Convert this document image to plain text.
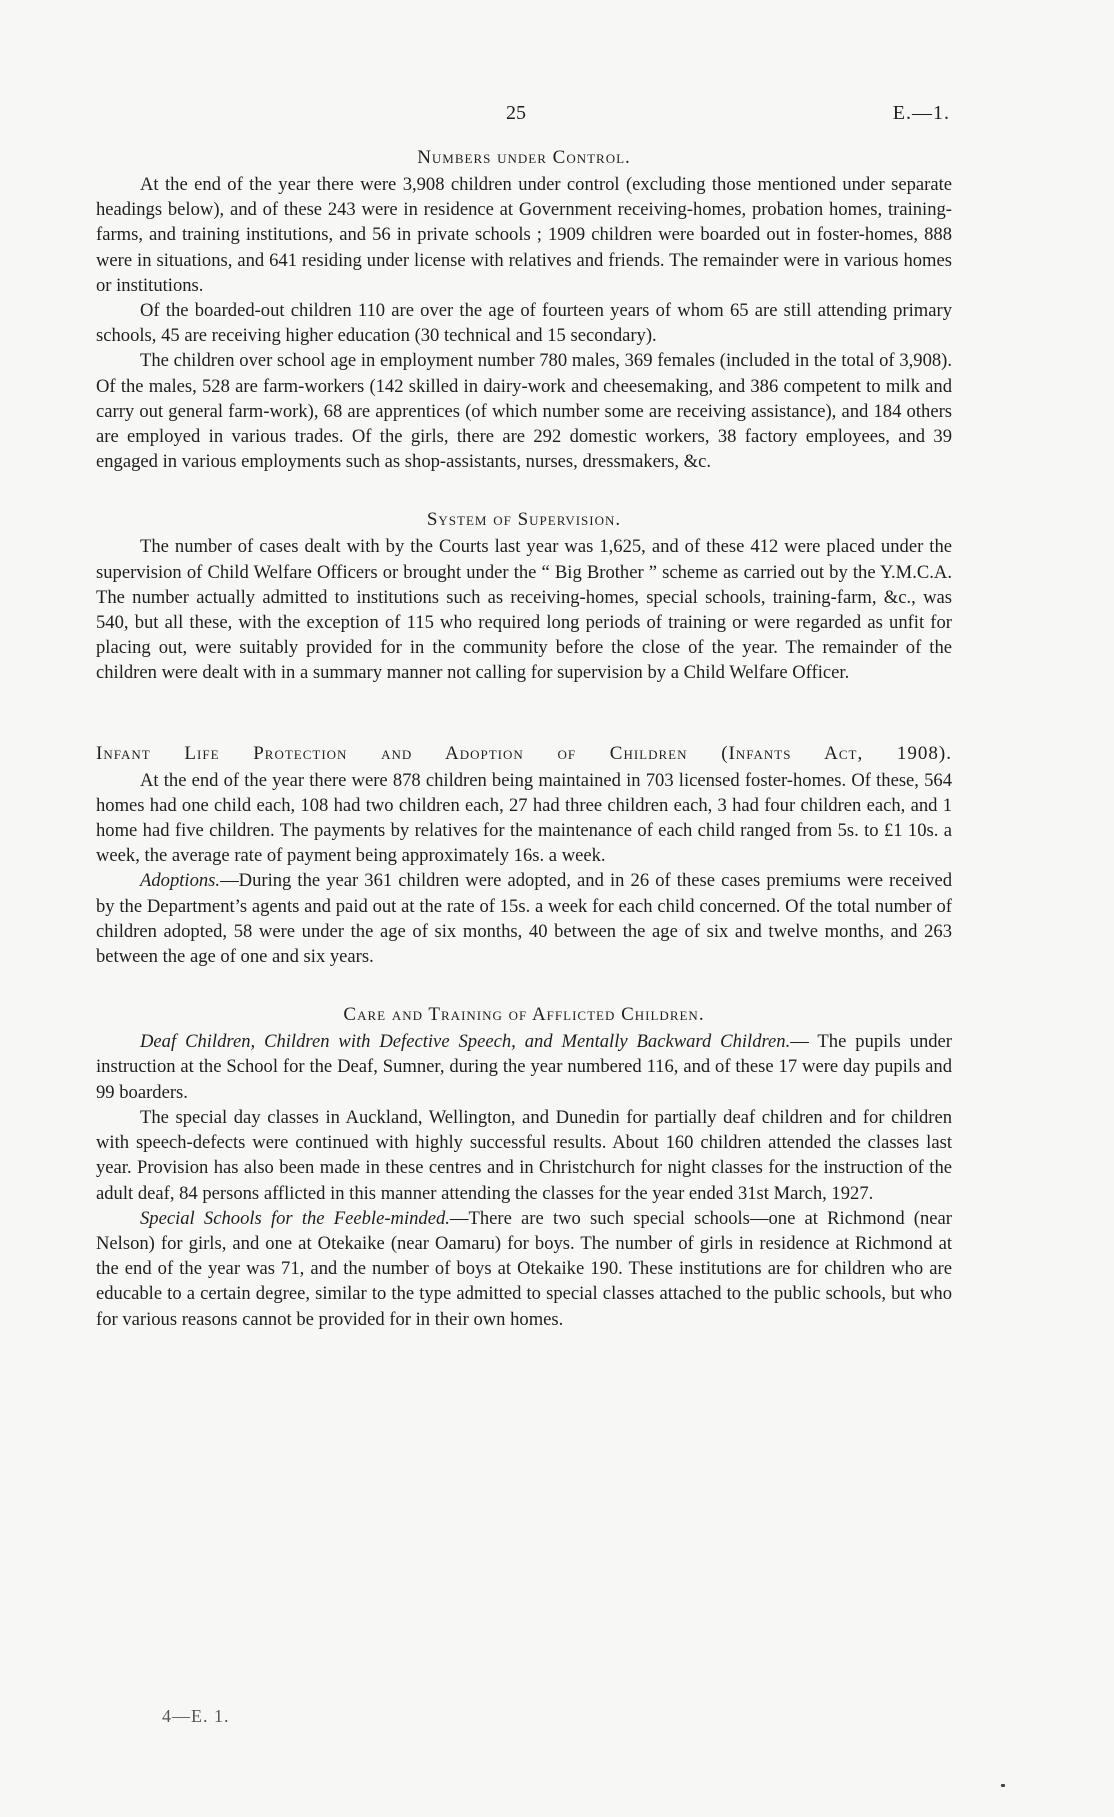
25	E.—1.
Numbers under Control.

At the end of the year there were 3,908 children under control (excluding those mentioned under separate headings below), and of these 243 were in residence at Government receiving-homes, probation homes, training-farms, and training institutions, and 56 in private schools ; 1909 children were boarded out in foster-homes, 888 were in situations, and 641 residing under license with relatives and friends. The remainder were in various homes or institutions.

Of the boarded-out children 110 are over the age of fourteen years of whom 65 are still attending primary schools, 45 are receiving higher education (30 technical and 15 secondary).

The children over school age in employment number 780 males, 369 females (included in the total of 3,908). Of the males, 528 are farm-workers (142 skilled in dairy-work and cheesemaking, and 386 competent to milk and carry out general farm-work), 68 are apprentices (of which number some are receiving assistance), and 184 others are employed in various trades. Of the girls, there are 292 domestic workers, 38 factory employees, and 39 engaged in various employments such as shop-assistants, nurses, dressmakers, &c.

System of Supervision.

The number of cases dealt with by the Courts last year was 1,625, and of these 412 were placed under the supervision of Child Welfare Officers or brought under the “ Big Brother ” scheme as carried out by the Y.M.C.A. The number actually admitted to institutions such as receiving-homes, special schools, training-farm, &c., was 540, but all these, with the exception of 115 who required long periods of training or were regarded as unfit for placing out, were suitably provided for in the community before the close of the year. The remainder of the children were dealt with in a summary manner not calling for supervision by a Child Welfare Officer.

Infant Life Protection and Adoption of Children (Infants Act, 1908).

At the end of the year there were 878 children being maintained in 703 licensed foster-homes. Of these, 564 homes had one child each, 108 had two children each, 27 had three children each, 3 had four children each, and 1 home had five children. The payments by relatives for the maintenance of each child ranged from 5s. to £1 10s. a week, the average rate of payment being approximately 16s. a week.

Adoptions.—During the year 361 children were adopted, and in 26 of these cases premiums were received by the Department’s agents and paid out at the rate of 15s. a week for each child concerned. Of the total number of children adopted, 58 were under the age of six months, 40 between the age of six and twelve months, and 263 between the age of one and six years.

Care and Training of Afflicted Children.

Deaf Children, Children with Defective Speech, and Mentally Backward Children.— The pupils under instruction at the School for the Deaf, Sumner, during the year numbered 116, and of these 17 were day pupils and 99 boarders.

The special day classes in Auckland, Wellington, and Dunedin for partially deaf children and for children with speech-defects were continued with highly successful results. About 160 children attended the classes last year. Provision has also been made in these centres and in Christchurch for night classes for the instruction of the adult deaf, 84 persons afflicted in this manner attending the classes for the year ended 31st March, 1927.

Special Schools for the Feeble-minded.—There are two such special schools—one at Richmond (near Nelson) for girls, and one at Otekaike (near Oamaru) for boys. The number of girls in residence at Richmond at the end of the year was 71, and the number of boys at Otekaike 190. These institutions are for children who are educable to a certain degree, similar to the type admitted to special classes attached to the public schools, but who for various reasons cannot be provided for in their own homes.

4—E. 1.
